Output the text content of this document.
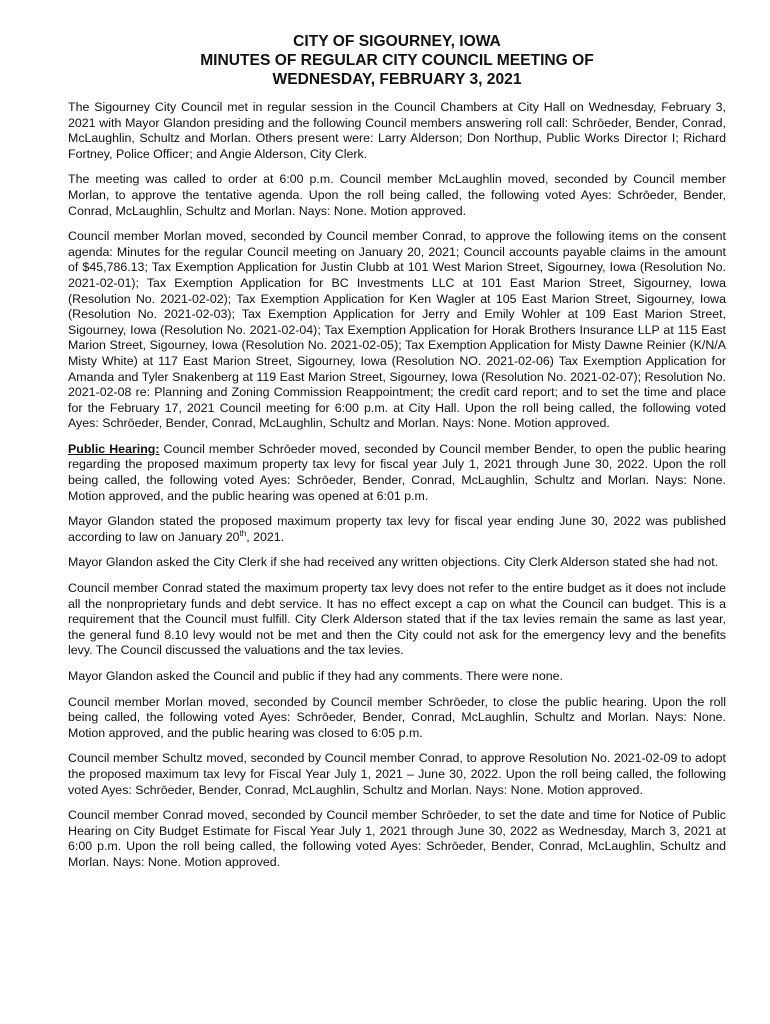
CITY OF SIGOURNEY, IOWA
MINUTES OF REGULAR CITY COUNCIL MEETING OF
WEDNESDAY, FEBRUARY 3, 2021

The Sigourney City Council met in regular session in the Council Chambers at City Hall on Wednesday, February 3, 2021 with Mayor Glandon presiding and the following Council members answering roll call: Schrōeder, Bender, Conrad, McLaughlin, Schultz and Morlan. Others present were: Larry Alderson; Don Northup, Public Works Director I; Richard Fortney, Police Officer; and Angie Alderson, City Clerk.

The meeting was called to order at 6:00 p.m. Council member McLaughlin moved, seconded by Council member Morlan, to approve the tentative agenda. Upon the roll being called, the following voted Ayes: Schrōeder, Bender, Conrad, McLaughlin, Schultz and Morlan. Nays: None. Motion approved.

Council member Morlan moved, seconded by Council member Conrad, to approve the following items on the consent agenda: Minutes for the regular Council meeting on January 20, 2021; Council accounts payable claims in the amount of $45,786.13; Tax Exemption Application for Justin Clubb at 101 West Marion Street, Sigourney, Iowa (Resolution No. 2021-02-01); Tax Exemption Application for BC Investments LLC at 101 East Marion Street, Sigourney, Iowa (Resolution No. 2021-02-02); Tax Exemption Application for Ken Wagler at 105 East Marion Street, Sigourney, Iowa (Resolution No. 2021-02-03); Tax Exemption Application for Jerry and Emily Wohler at 109 East Marion Street, Sigourney, Iowa (Resolution No. 2021-02-04); Tax Exemption Application for Horak Brothers Insurance LLP at 115 East Marion Street, Sigourney, Iowa (Resolution No. 2021-02-05); Tax Exemption Application for Misty Dawne Reinier (K/N/A Misty White) at 117 East Marion Street, Sigourney, Iowa (Resolution NO. 2021-02-06) Tax Exemption Application for Amanda and Tyler Snakenberg at 119 East Marion Street, Sigourney, Iowa (Resolution No. 2021-02-07); Resolution No. 2021-02-08 re: Planning and Zoning Commission Reappointment; the credit card report; and to set the time and place for the February 17, 2021 Council meeting for 6:00 p.m. at City Hall. Upon the roll being called, the following voted Ayes: Schrōeder, Bender, Conrad, McLaughlin, Schultz and Morlan. Nays: None. Motion approved.

Public Hearing: Council member Schrōeder moved, seconded by Council member Bender, to open the public hearing regarding the proposed maximum property tax levy for fiscal year July 1, 2021 through June 30, 2022. Upon the roll being called, the following voted Ayes: Schrōeder, Bender, Conrad, McLaughlin, Schultz and Morlan. Nays: None. Motion approved, and the public hearing was opened at 6:01 p.m.

Mayor Glandon stated the proposed maximum property tax levy for fiscal year ending June 30, 2022 was published according to law on January 20th, 2021.

Mayor Glandon asked the City Clerk if she had received any written objections. City Clerk Alderson stated she had not.

Council member Conrad stated the maximum property tax levy does not refer to the entire budget as it does not include all the nonproprietary funds and debt service. It has no effect except a cap on what the Council can budget. This is a requirement that the Council must fulfill. City Clerk Alderson stated that if the tax levies remain the same as last year, the general fund 8.10 levy would not be met and then the City could not ask for the emergency levy and the benefits levy. The Council discussed the valuations and the tax levies.

Mayor Glandon asked the Council and public if they had any comments. There were none.

Council member Morlan moved, seconded by Council member Schrōeder, to close the public hearing. Upon the roll being called, the following voted Ayes: Schrōeder, Bender, Conrad, McLaughlin, Schultz and Morlan. Nays: None. Motion approved, and the public hearing was closed to 6:05 p.m.

Council member Schultz moved, seconded by Council member Conrad, to approve Resolution No. 2021-02-09 to adopt the proposed maximum tax levy for Fiscal Year July 1, 2021 – June 30, 2022. Upon the roll being called, the following voted Ayes: Schrōeder, Bender, Conrad, McLaughlin, Schultz and Morlan. Nays: None. Motion approved.

Council member Conrad moved, seconded by Council member Schrōeder, to set the date and time for Notice of Public Hearing on City Budget Estimate for Fiscal Year July 1, 2021 through June 30, 2022 as Wednesday, March 3, 2021 at 6:00 p.m. Upon the roll being called, the following voted Ayes: Schrōeder, Bender, Conrad, McLaughlin, Schultz and Morlan. Nays: None. Motion approved.
